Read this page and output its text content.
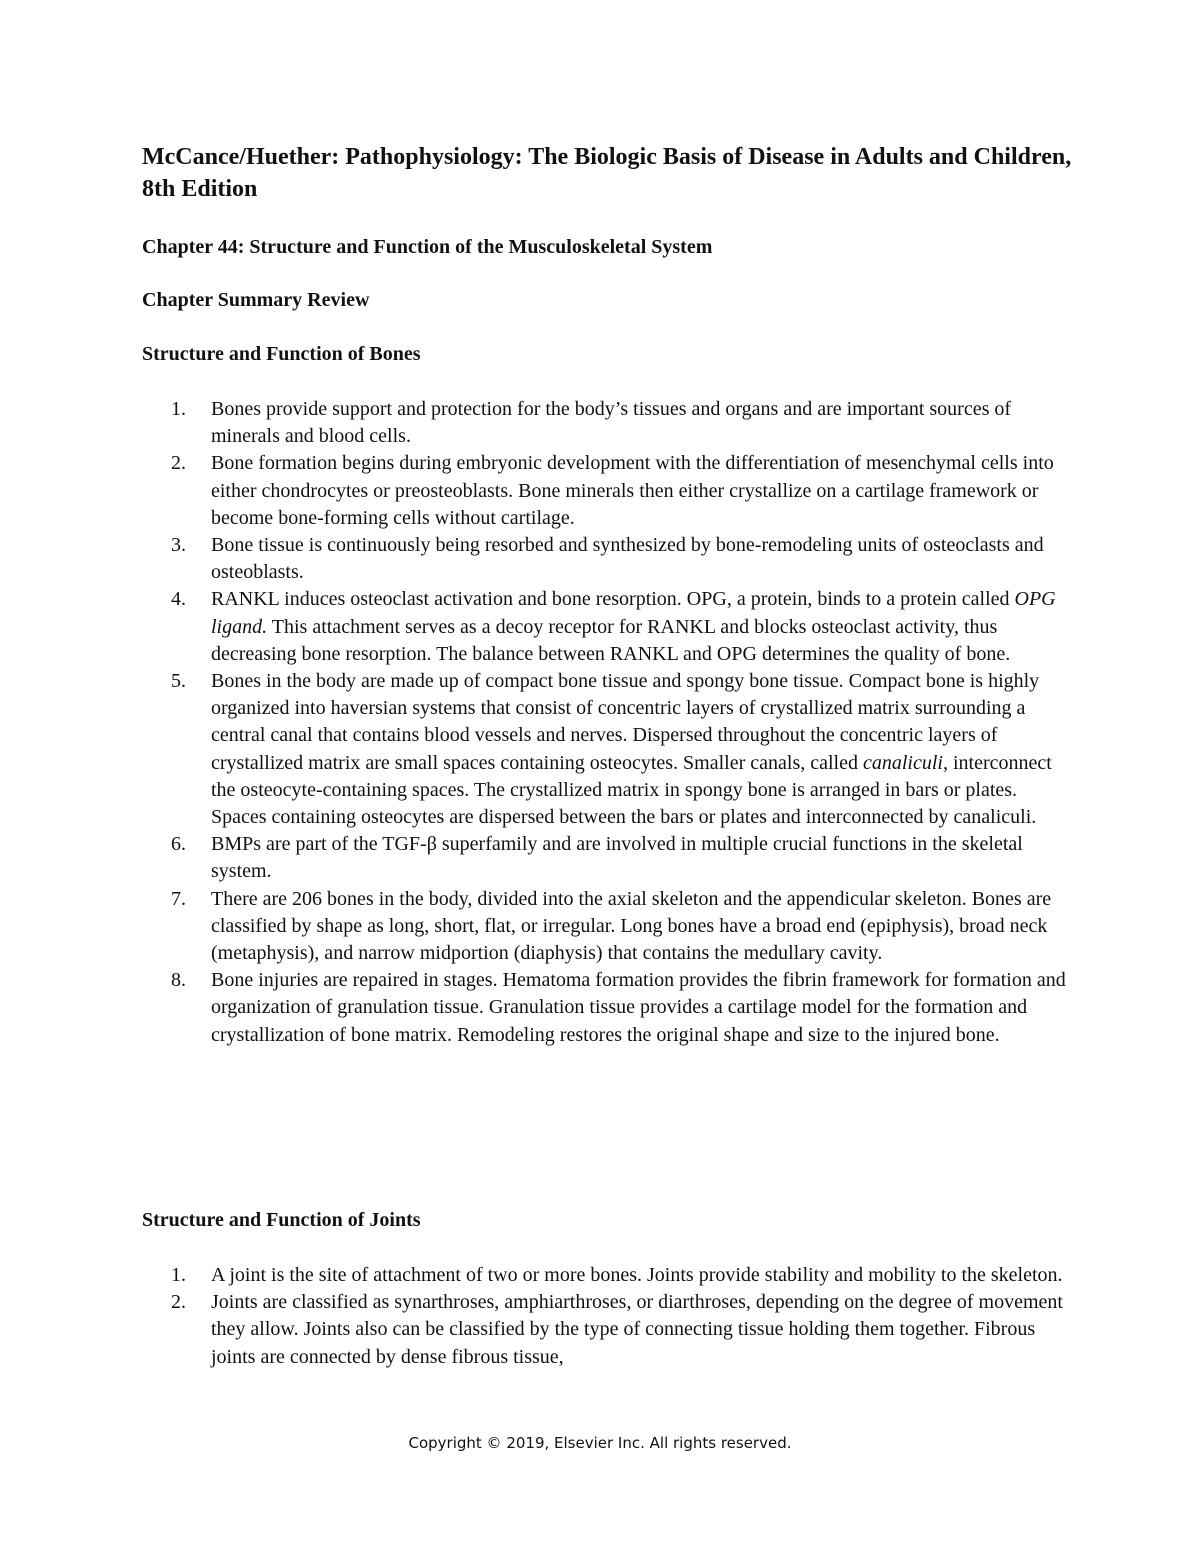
McCance/Huether: Pathophysiology: The Biologic Basis of Disease in Adults and Children, 8th Edition
Chapter 44: Structure and Function of the Musculoskeletal System
Chapter Summary Review
Structure and Function of Bones
1.	Bones provide support and protection for the body’s tissues and organs and are important sources of minerals and blood cells.
2.	Bone formation begins during embryonic development with the differentiation of mesenchymal cells into either chondrocytes or preosteoblasts. Bone minerals then either crystallize on a cartilage framework or become bone-forming cells without cartilage.
3.	Bone tissue is continuously being resorbed and synthesized by bone-remodeling units of osteoclasts and osteoblasts.
4.	RANKL induces osteoclast activation and bone resorption. OPG, a protein, binds to a protein called OPG ligand. This attachment serves as a decoy receptor for RANKL and blocks osteoclast activity, thus decreasing bone resorption. The balance between RANKL and OPG determines the quality of bone.
5.	Bones in the body are made up of compact bone tissue and spongy bone tissue. Compact bone is highly organized into haversian systems that consist of concentric layers of crystallized matrix surrounding a central canal that contains blood vessels and nerves. Dispersed throughout the concentric layers of crystallized matrix are small spaces containing osteocytes. Smaller canals, called canaliculi, interconnect the osteocyte-containing spaces. The crystallized matrix in spongy bone is arranged in bars or plates. Spaces containing osteocytes are dispersed between the bars or plates and interconnected by canaliculi.
6.	BMPs are part of the TGF-β superfamily and are involved in multiple crucial functions in the skeletal system.
7.	There are 206 bones in the body, divided into the axial skeleton and the appendicular skeleton. Bones are classified by shape as long, short, flat, or irregular. Long bones have a broad end (epiphysis), broad neck (metaphysis), and narrow midportion (diaphysis) that contains the medullary cavity.
8.	Bone injuries are repaired in stages. Hematoma formation provides the fibrin framework for formation and organization of granulation tissue. Granulation tissue provides a cartilage model for the formation and crystallization of bone matrix. Remodeling restores the original shape and size to the injured bone.
Structure and Function of Joints
1.	A joint is the site of attachment of two or more bones. Joints provide stability and mobility to the skeleton.
2.	Joints are classified as synarthroses, amphiarthroses, or diarthroses, depending on the degree of movement they allow. Joints also can be classified by the type of connecting tissue holding them together. Fibrous joints are connected by dense fibrous tissue,
Copyright © 2019, Elsevier Inc. All rights reserved.
